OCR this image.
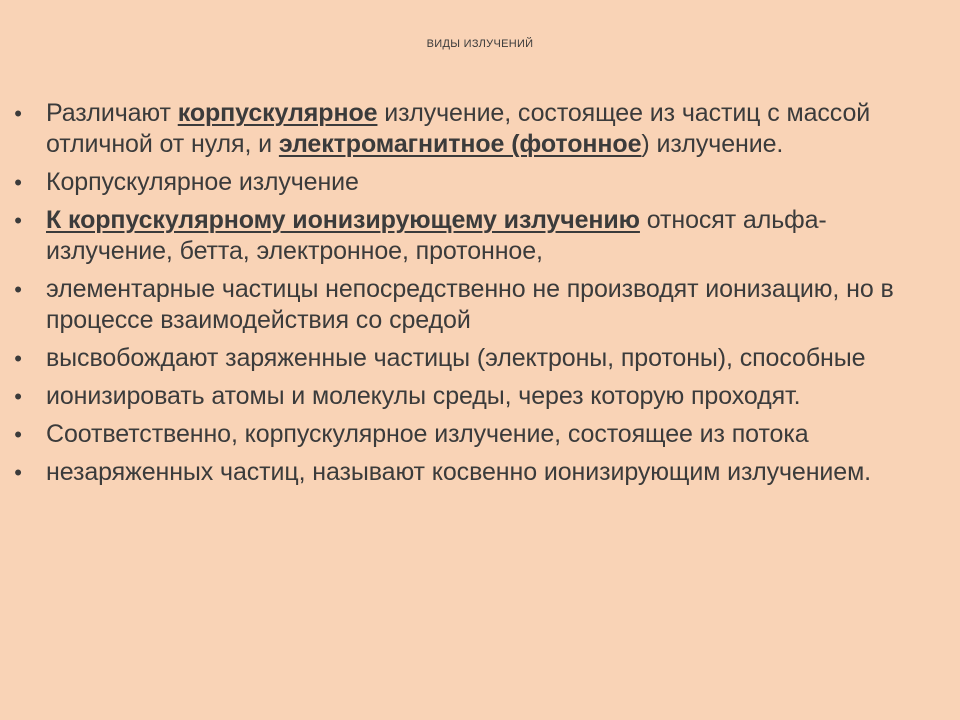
ВИДЫ ИЗЛУЧЕНИЙ
• Различают корпускулярное излучение, состоящее из частиц с массой отличной от нуля, и электромагнитное (фотонное) излучение.
• Корпускулярное излучение
• К корпускулярному ионизирующему излучению относят альфа-излучение, бетта, электронное, протонное,
• элементарные частицы непосредственно не производят ионизацию, но в процессе взаимодействия со средой
• высвобождают заряженные частицы (электроны, протоны), способные
• ионизировать атомы и молекулы среды, через которую проходят.
• Соответственно, корпускулярное излучение, состоящее из потока
• незаряженных частиц, называют косвенно ионизирующим излучением.
